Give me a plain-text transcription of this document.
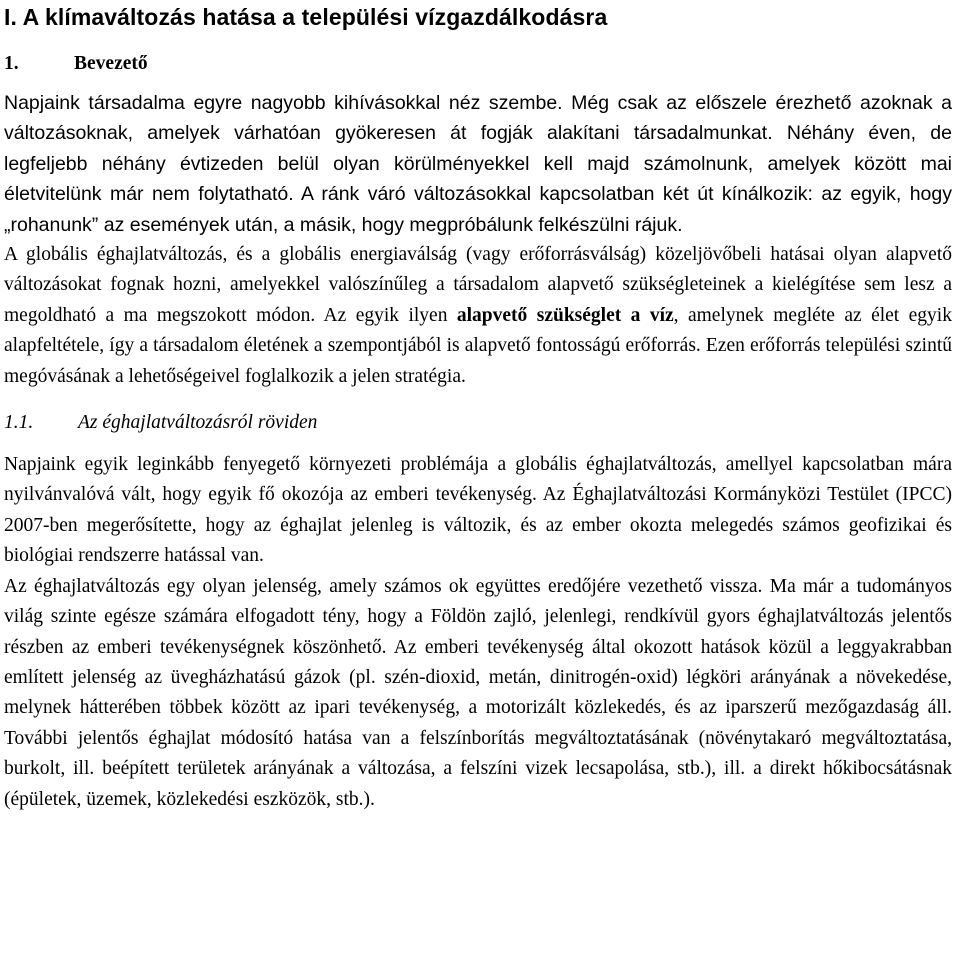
I. A klímaváltozás hatása a települési vízgazdálkodásra
1.	Bevezető

Napjaink társadalma egyre nagyobb kihívásokkal néz szembe. Még csak az előszele érezhető azoknak a változásoknak, amelyek várhatóan gyökeresen át fogják alakítani társadalmunkat. Néhány éven, de legfeljebb néhány évtizeden belül olyan körülményekkel kell majd számolnunk, amelyek között mai életvitelünk már nem folytatható. A ránk váró változásokkal kapcsolatban két út kínálkozik: az egyik, hogy „rohanunk” az események után, a másik, hogy megpróbálunk felkészülni rájuk.

A globális éghajlatváltozás, és a globális energiaválság (vagy erőforrásválság) közeljövőbeli hatásai olyan alapvető változásokat fognak hozni, amelyekkel valószínűleg a társadalom alapvető szükségleteinek a kielégítése sem lesz a megoldható a ma megszokott módon. Az egyik ilyen alapvető szükséglet a víz, amelynek megléte az élet egyik alapfeltétele, így a társadalom életének a szempontjából is alapvető fontosságú erőforrás. Ezen erőforrás települési szintű megóvásának a lehetőségeivel foglalkozik a jelen stratégia.

1.1. Az éghajlatváltozásról röviden

Napjaink egyik leginkább fenyegető környezeti problémája a globális éghajlatváltozás, amellyel kapcsolatban mára nyilvánvalóvá vált, hogy egyik fő okozója az emberi tevékenység. Az Éghajlatváltozási Kormányközi Testület (IPCC) 2007-ben megerősítette, hogy az éghajlat jelenleg is változik, és az ember okozta melegedés számos geofizikai és biológiai rendszerre hatással van.

Az éghajlatváltozás egy olyan jelenség, amely számos ok együttes eredőjére vezethető vissza. Ma már a tudományos világ szinte egésze számára elfogadott tény, hogy a Földön zajló, jelenlegi, rendkívül gyors éghajlatváltozás jelentős részben az emberi tevékenységnek köszönhető. Az emberi tevékenység által okozott hatások közül a leggyakrabban említett jelenség az üvegházhatású gázok (pl. szén-dioxid, metán, dinitrogén-oxid) légköri arányának a növekedése, melynek hátterében többek között az ipari tevékenység, a motorizált közlekedés, és az iparszerű mezőgazdaság áll. További jelentős éghajlat módosító hatása van a felszínborítás megváltoztatásának (növénytakaró megváltoztatása, burkolt, ill. beépített területek arányának a változása, a felszíni vizek lecsapolása, stb.), ill. a direkt hőkibocsátásnak (épületek, üzemek, közlekedési eszközök, stb.).
